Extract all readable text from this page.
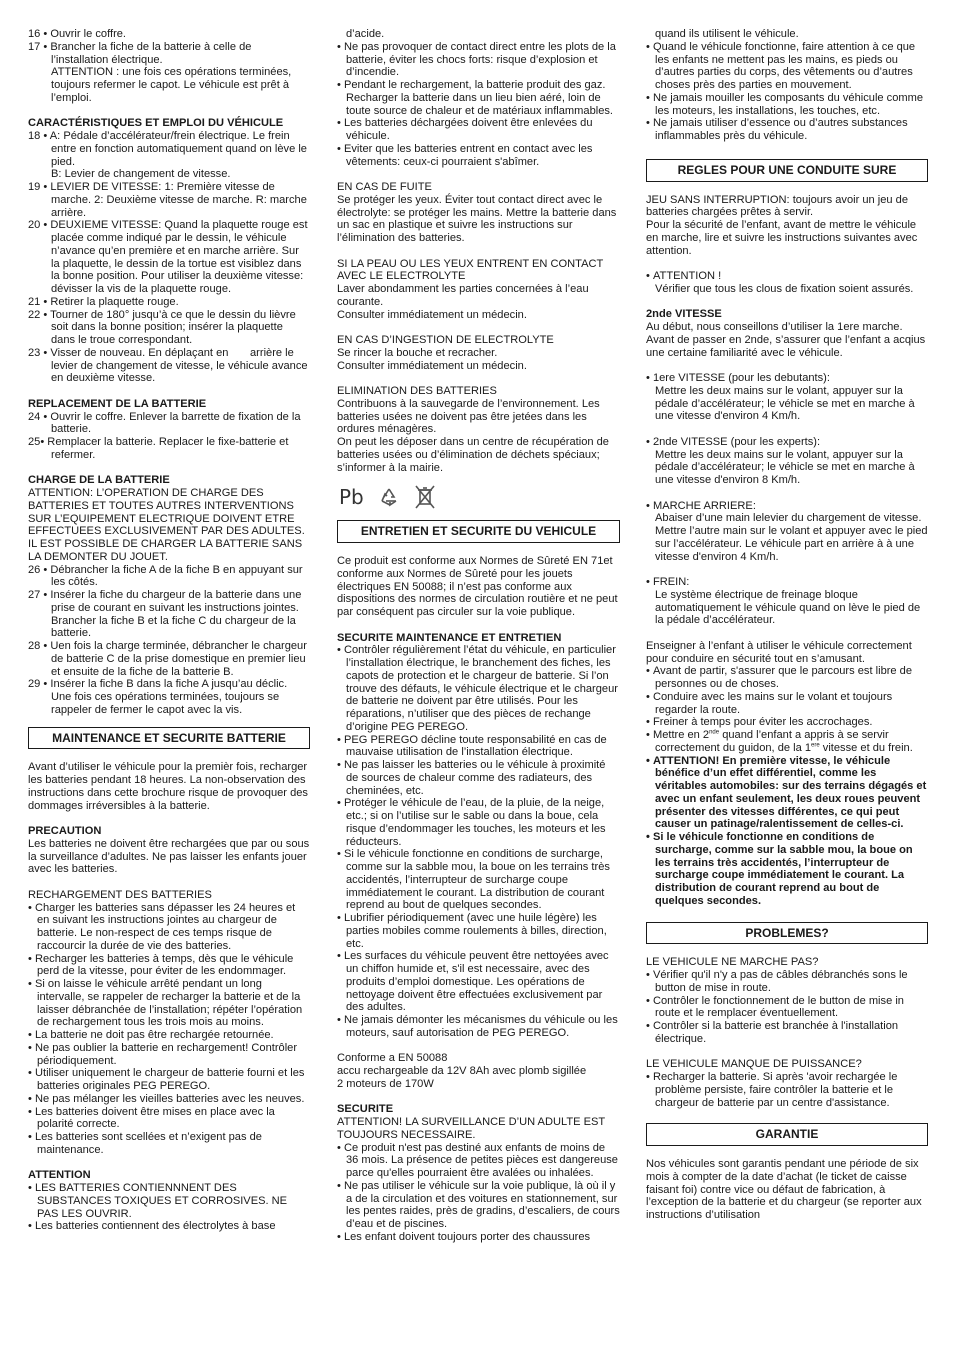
16 • Ouvrir le coffre.

17 • Brancher la fiche de la batterie à celle de l’installation électrique.

ATTENTION : une fois ces opérations terminées, toujours refermer le capot. Le véhicule est prêt à l’emploi.

CARACTÉRISTIQUES ET EMPLOI DU VÉHICULE

18 • A: Pédale d’accélérateur/frein électrique. Le frein entre en fonction automatiquement quand on lève le pied.

B: Levier de changement de vitesse.

19 • LEVIER DE VITESSE: 1: Première vitesse de marche. 2: Deuxième vitesse de marche. R: marche arrière.

20 • DEUXIEME VITESSE: Quand la plaquette rouge est placée comme indiqué par le dessin, le véhicule n’avance qu’en première et en marche arrière. Sur la plaquette, le dessin de la tortue est visiblez dans la bonne position. Pour utiliser la deuxième vitesse: dévisser la vis de la plaquette rouge.

21 • Retirer la plaquette rouge.

22 • Tourner de 180° jusqu’à ce que le dessin du lièvre soit dans la bonne position; insérer la plaquette dans le troue correspondant.

23 • Visser de nouveau. En déplaçant en       arrière le levier de changement de vitesse, le véhicule avance en deuxième vitesse.

REPLACEMENT DE LA BATTERIE

24 • Ouvrir le coffre. Enlever la barrette de fixation de la batterie.

25• Remplacer la batterie. Replacer le fixe-batterie et refermer.

CHARGE DE LA BATTERIE

ATTENTION: L’OPERATION DE CHARGE DES BATTERIES ET TOUTES AUTRES INTERVENTIONS SUR L’EQUIPEMENT ELECTRIQUE DOIVENT ETRE EFFECTUEES EXCLUSIVEMENT PAR DES ADULTES. IL EST POSSIBLE DE CHARGER LA BATTERIE SANS LA DEMONTER DU JOUET.

26 • Débrancher la fiche A de la fiche B en appuyant sur les côtés.

27 • Insérer la fiche du chargeur de la batterie dans une prise de courant en suivant les instructions jointes. Brancher la fiche B et la fiche C du chargeur de la batterie.

28 • Uen fois la charge terminée, débrancher le chargeur de batterie C de la prise domestique en premier lieu et ensuite de la fiche de la batterie B.

29 • Insérer la fiche B dans la fiche A jusqu’au déclic. Une fois ces opérations terminées, toujours se rappeler de fermer le capot avec la vis.

MAINTENANCE ET SECURITE BATTERIE

Avant d’utiliser le véhicule pour la premièr fois, recharger les batteries pendant 18 heures. La non-observation des instructions dans cette brochure risque de provoquer des dommages irréversibles à la batterie.

PRECAUTION

Les batteries ne doivent être rechargées que par ou sous la surveillance d’adultes. Ne pas laisser les enfants jouer avec les batteries.

RECHARGEMENT DES BATTERIES

• Charger les batteries sans dépasser les 24 heures et en suivant les instructions jointes au chargeur de batterie. Le non-respect de ces temps risque de raccourcir la durée de vie des batteries.

• Recharger les batteries à temps, dès que le véhicule perd de la vitesse, pour éviter de les endommager.

• Si on laisse le véhicule arrêté pendant un long intervalle, se rappeler de recharger la batterie et de la laisser débranchée de l’installation; répéter l’opération de rechargement tous les trois mois au moins.

• La batterie ne doit pas être rechargée retournée.

• Ne pas oublier la batterie en rechargement! Contrôler périodiquement.

• Utiliser uniquement le chargeur de batterie fourni et les batteries originales PEG PEREGO.

• Ne pas mélanger les vieilles batteries avec les neuves.

• Les batteries doivent être mises en place avec la polarité correcte.

• Les batteries sont scellées et n’exigent pas de maintenance.

ATTENTION

• LES BATTERIES CONTIENNNENT DES SUBSTANCES TOXIQUES ET CORROSIVES. NE PAS LES OUVRIR.

• Les batteries contiennent des électrolytes à base

d’acide.

• Ne pas provoquer de contact direct entre les plots de la batterie, éviter les chocs forts: risque d’explosion et d’incendie.

• Pendant le rechargement, la batterie produit des gaz. Recharger la batterie dans un lieu bien aéré, loin de toute source de chaleur et de matériaux inflammables.

• Les batteries déchargées doivent être enlevées du véhicule.

• Eviter que les batteries entrent en contact avec les vêtements: ceux-ci pourraient s'abîmer.

EN CAS DE FUITE

Se protéger les yeux. Éviter tout contact direct avec le électrolyte: se protéger les mains. Mettre la batterie dans un sac en plastique et suivre les instructions sur l’élimination des batteries.

SI LA PEAU OU LES YEUX ENTRENT EN CONTACT AVEC LE ELECTROLYTE

Laver abondamment les parties concernées à l’eau courante.

Consulter immédiatement un médecin.

EN CAS D’INGESTION DE ELECTROLYTE

Se rincer la bouche et recracher.

Consulter immédiatement un médecin.

ELIMINATION DES BATTERIES

Contribuons à la sauvegarde de l’environnement. Les batteries usées ne doivent pas être jetées dans les ordures ménagères.

On peut les déposer dans un centre de récupération de batteries usées ou d’élimination de déchets spéciaux; s’informer à la mairie.

Pb

ENTRETIEN ET SECURITE DU VEHICULE

Ce produit est conforme aux Normes de Sûreté EN 71et conforme aux Normes de Sûreté pour les jouets électriques EN 50088; il n’est pas conforme aux dispositions des normes de circulation routière et ne peut par conséquent pas circuler sur la voie publique.

SECURITE MAINTENANCE ET ENTRETIEN

• Contrôler régulièrement l’état du véhicule, en particulier l’installation électrique, le branchement des fiches, les capots de protection et le chargeur de batterie. Si l’on trouve des défauts, le véhicule électrique et le chargeur de batterie ne doivent par être utilisés. Pour les réparations, n’utiliser que des pièces de rechange d’origine PEG PEREGO.

• PEG PEREGO décline toute responsabilité en cas de mauvaise utilisation de l’installation électrique.

• Ne pas laisser les batteries ou le véhicule à proximité de sources de chaleur comme des radiateurs, des cheminées, etc.

• Protéger le véhicule de l’eau, de la pluie, de la neige, etc.; si on l’utilise sur le sable ou dans la boue, cela risque d’endommager les touches, les moteurs et les réducteurs.

• Si le véhicule fonctionne en conditions de surcharge, comme sur la sabble mou, la boue on les terrains très accidentés, l’interrupteur de surcharge coupe immédiatement le courant. La distribution de courant reprend au bout de quelques secondes.

• Lubrifier périodiquement (avec une huile légère) les parties mobiles comme roulements à billes, direction, etc.

• Les surfaces du véhicule peuvent être nettoyées avec un chiffon humide et, s'il est necessaire, avec des produits d’emploi domestique. Les opérations de nettoyage doivent être effectuées exclusivement par des adultes.

• Ne jamais démonter les mécanismes du véhicule ou les moteurs, sauf autorisation de PEG PEREGO.

Conforme a EN 50088

accu rechargeable da 12V 8Ah avec plomb sigillée

2 moteurs de 170W

SECURITE

ATTENTION! LA SURVEILLANCE D’UN ADULTE EST TOUJOURS NECESSAIRE.

• Ce produit n'est pas destiné aux enfants de moins de 36 mois. La présence de petites pièces est dangereuse parce qu'elles pourraient être avalées ou inhalées.

• Ne pas utiliser le véhicule sur la voie publique, là où il y a de la circulation et des voitures en stationnement, sur les pentes raides, près de gradins, d’escaliers, de cours d’eau et de piscines.

• Les enfant doivent toujours porter des chaussures

quand ils utilisent le véhicule.

• Quand le véhicule fonctionne, faire attention à ce que les enfants ne mettent pas les mains, es pieds ou d’autres parties du corps, des vêtements ou d’autres choses près des parties en mouvement.

• Ne jamais mouiller les composants du véhicule comme les moteurs, les installations, les touches, etc.

• Ne jamais utiliser d’essence ou d’autres substances inflammables près du véhicule.

REGLES POUR UNE CONDUITE SURE

JEU SANS INTERRUPTION: toujours avoir un jeu de batteries chargées prêtes à servir.

Pour la sécurité de l’enfant, avant de mettre le véhicule en marche, lire et suivre les instructions suivantes avec attention.

• ATTENTION !

Vérifier que tous les clous de fixation soient assurés.

2nde VITESSE

Au début, nous conseillons d’utiliser la 1ere marche. Avant de passer en 2nde, s’assurer que l’enfant a acqius une certaine familiarité avec le véhicule.

• 1ere VITESSE (pour les debutants):

Mettre les deux mains sur le volant, appuyer sur la pédale d’accélérateur; le véhicle se met en marche à une vitesse d'environ 4 Km/h.

• 2nde VITESSE (pour les experts):

Mettre les deux mains sur le volant, appuyer sur la pédale d’accélérateur; le véhicle se met en marche à une vitesse d'environ 8 Km/h.

• MARCHE ARRIERE:

Abaiser d’une main lelevier du chargement de vitesse. Mettre l’autre main sur le volant et appuyer avec le pied sur l’accélérateur. Le véhicule part en arrière à à une vitesse d'environ 4 Km/h.

• FREIN:

Le système électrique de freinage bloque automatiquement le véhicule quand on lève le pied de la pédale d’accélérateur.

Enseigner à l’enfant à utiliser le véhicule correctement pour conduire en sécurité tout en s’amusant.

• Avant de partir, s'assurer que le parcours est libre de personnes ou de choses.

• Conduire avec les mains sur le volant et toujours regarder la route.

• Freiner à temps pour éviter les accrochages.

• Mettre en 2nde quand l’enfant a appris à se servir correctement du guidon, de la 1ere vitesse et du frein.

• ATTENTION! En première vitesse, le véhicule bénéfice d’un effet différentiel, comme les véritables automobiles: sur des terrains dégagés et avec un enfant seulement, les deux roues peuvent présenter des vitesses différentes, ce qui peut causer un patinage/ralentissement de celles-ci.

• Si le véhicule fonctionne en conditions de surcharge, comme sur la sabble mou, la boue on les terrains très accidentés, l’interrupteur de surcharge coupe immédiatement le courant. La distribution de courant reprend au bout de quelques secondes.

PROBLEMES?

LE VEHICULE NE MARCHE PAS?

• Vérifier qu'il n'y a pas de câbles débranchés sons le button de mise in route.

• Contrôler le fonctionnement de le button de mise in route et le remplacer éventuellement.

• Contrôler si la batterie est branchée à l'installation électrique.

LE VEHICULE MANQUE DE PUISSANCE?

• Recharger la batterie. Si après 'avoir rechargée le problème persiste, faire contrôler la batterie et le chargeur de batterie par un centre d'assistance.

GARANTIE

Nos véhicules sont garantis pendant une période de six mois à compter de la date d’achat (le ticket de caisse faisant foi) contre vice ou défaut de fabrication, à l’exception de la batterie et du chargeur (se reporter aux instructions d’utilisation
